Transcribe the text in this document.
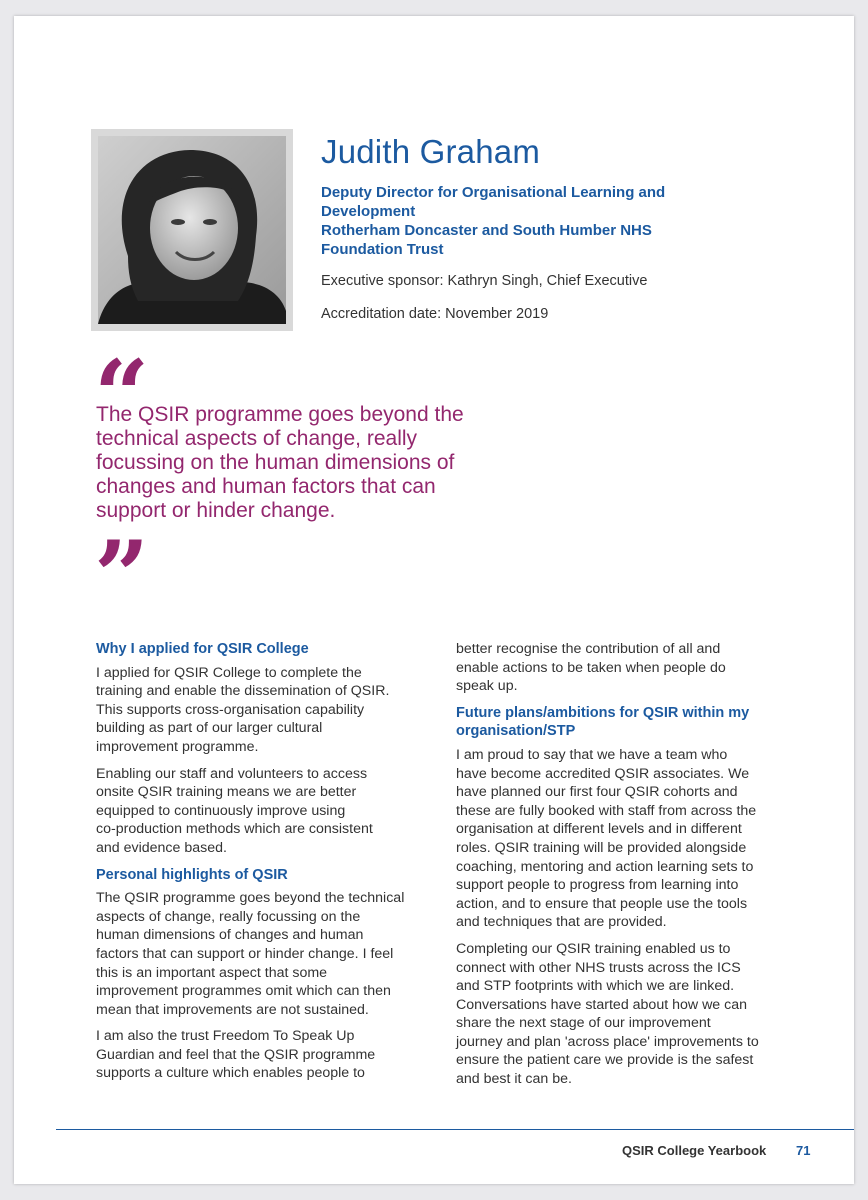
Judith Graham
Deputy Director for Organisational Learning and
Development
Rotherham Doncaster and South Humber NHS
Foundation Trust
Executive sponsor: Kathryn Singh, Chief Executive
Accreditation date: November 2019
“
The QSIR programme goes beyond the
technical aspects of change, really
focussing on the human dimensions of
changes and human factors that can
support or hinder change.
”
Why I applied for QSIR College

I applied for QSIR College to complete the
training and enable the dissemination of QSIR.
This supports cross-organisation capability
building as part of our larger cultural
improvement programme.

Enabling our staff and volunteers to access
onsite QSIR training means we are better
equipped to continuously improve using
co-production methods which are consistent
and evidence based.

Personal highlights of QSIR

The QSIR programme goes beyond the technical
aspects of change, really focussing on the
human dimensions of changes and human
factors that can support or hinder change. I feel
this is an important aspect that some
improvement programmes omit which can then
mean that improvements are not sustained.

I am also the trust Freedom To Speak Up
Guardian and feel that the QSIR programme
supports a culture which enables people to

better recognise the contribution of all and
enable actions to be taken when people do
speak up.

Future plans/ambitions for QSIR within my
organisation/STP

I am proud to say that we have a team who
have become accredited QSIR associates. We
have planned our first four QSIR cohorts and
these are fully booked with staff from across the
organisation at different levels and in different
roles. QSIR training will be provided alongside
coaching, mentoring and action learning sets to
support people to progress from learning into
action, and to ensure that people use the tools
and techniques that are provided.

Completing our QSIR training enabled us to
connect with other NHS trusts across the ICS
and STP footprints with which we are linked.
Conversations have started about how we can
share the next stage of our improvement
journey and plan 'across place' improvements to
ensure the patient care we provide is the safest
and best it can be.

QSIR College Yearbook 71
